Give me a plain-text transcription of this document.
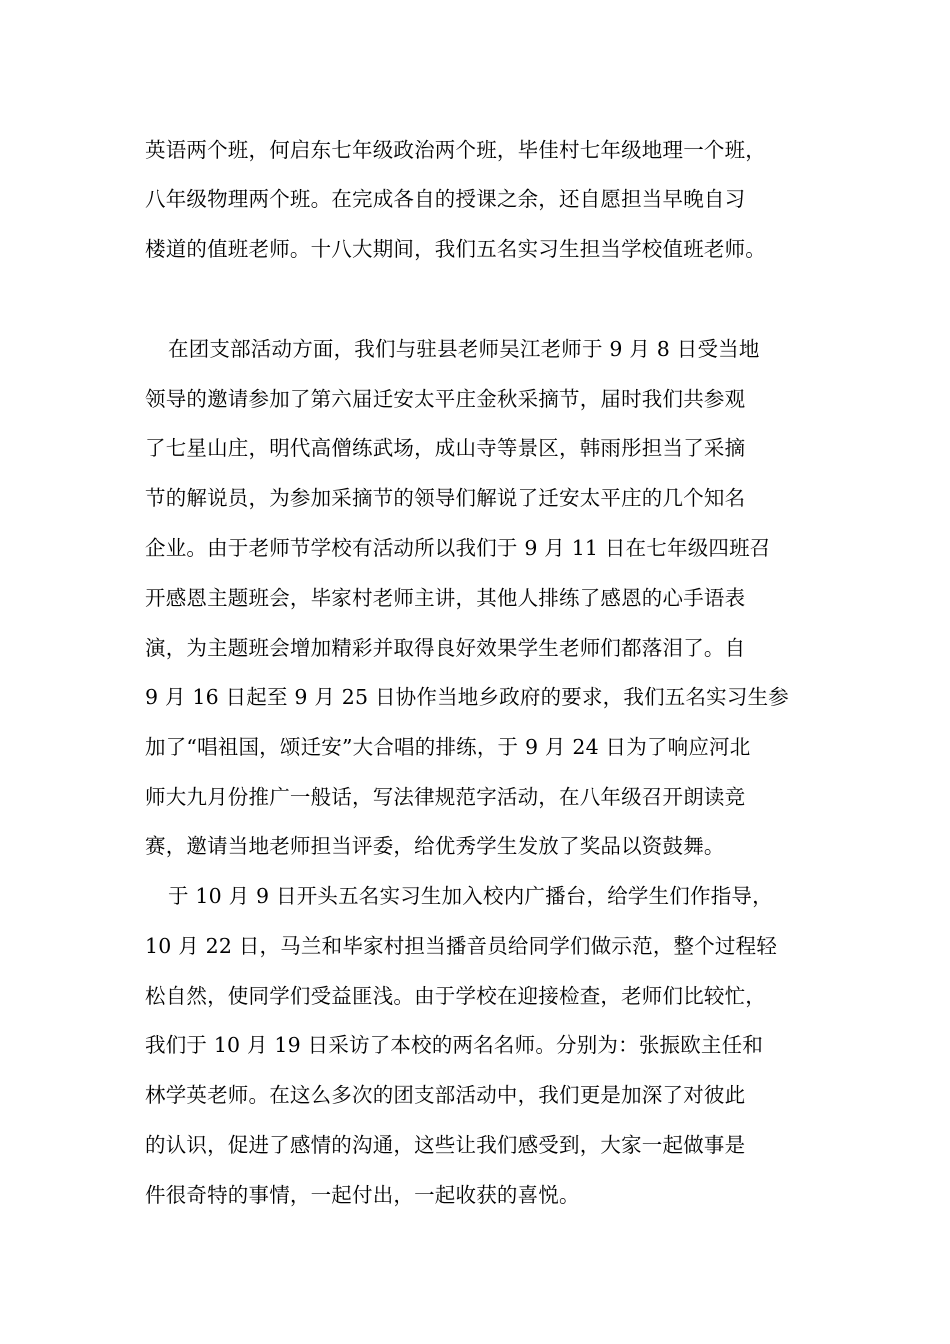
英语两个班，何启东七年级政治两个班，毕佳村七年级地理一个班，
八年级物理两个班。在完成各自的授课之余，还自愿担当早晚自习
楼道的值班老师。十八大期间，我们五名实习生担当学校值班老师。
在团支部活动方面，我们与驻县老师吴江老师于 9 月 8 日受当地
领导的邀请参加了第六届迁安太平庄金秋采摘节，届时我们共参观
了七星山庄，明代高僧练武场，成山寺等景区，韩雨彤担当了采摘
节的解说员，为参加采摘节的领导们解说了迁安太平庄的几个知名
企业。由于老师节学校有活动所以我们于 9 月 11 日在七年级四班召
开感恩主题班会，毕家村老师主讲，其他人排练了感恩的心手语表
演，为主题班会增加精彩并取得良好效果学生老师们都落泪了。自
9 月 16 日起至 9 月 25 日协作当地乡政府的要求，我们五名实习生参
加了“唱祖国，颂迁安”大合唱的排练，于 9 月 24 日为了响应河北
师大九月份推广一般话，写法律规范字活动，在八年级召开朗读竞
赛，邀请当地老师担当评委，给优秀学生发放了奖品以资鼓舞。
于 10 月 9 日开头五名实习生加入校内广播台，给学生们作指导，
10 月 22 日，马兰和毕家村担当播音员给同学们做示范，整个过程轻
松自然，使同学们受益匪浅。由于学校在迎接检查，老师们比较忙，
我们于 10 月 19 日采访了本校的两名名师。分别为：张振欧主任和
林学英老师。在这么多次的团支部活动中，我们更是加深了对彼此
的认识，促进了感情的沟通，这些让我们感受到，大家一起做事是
件很奇特的事情，一起付出，一起收获的喜悦。
